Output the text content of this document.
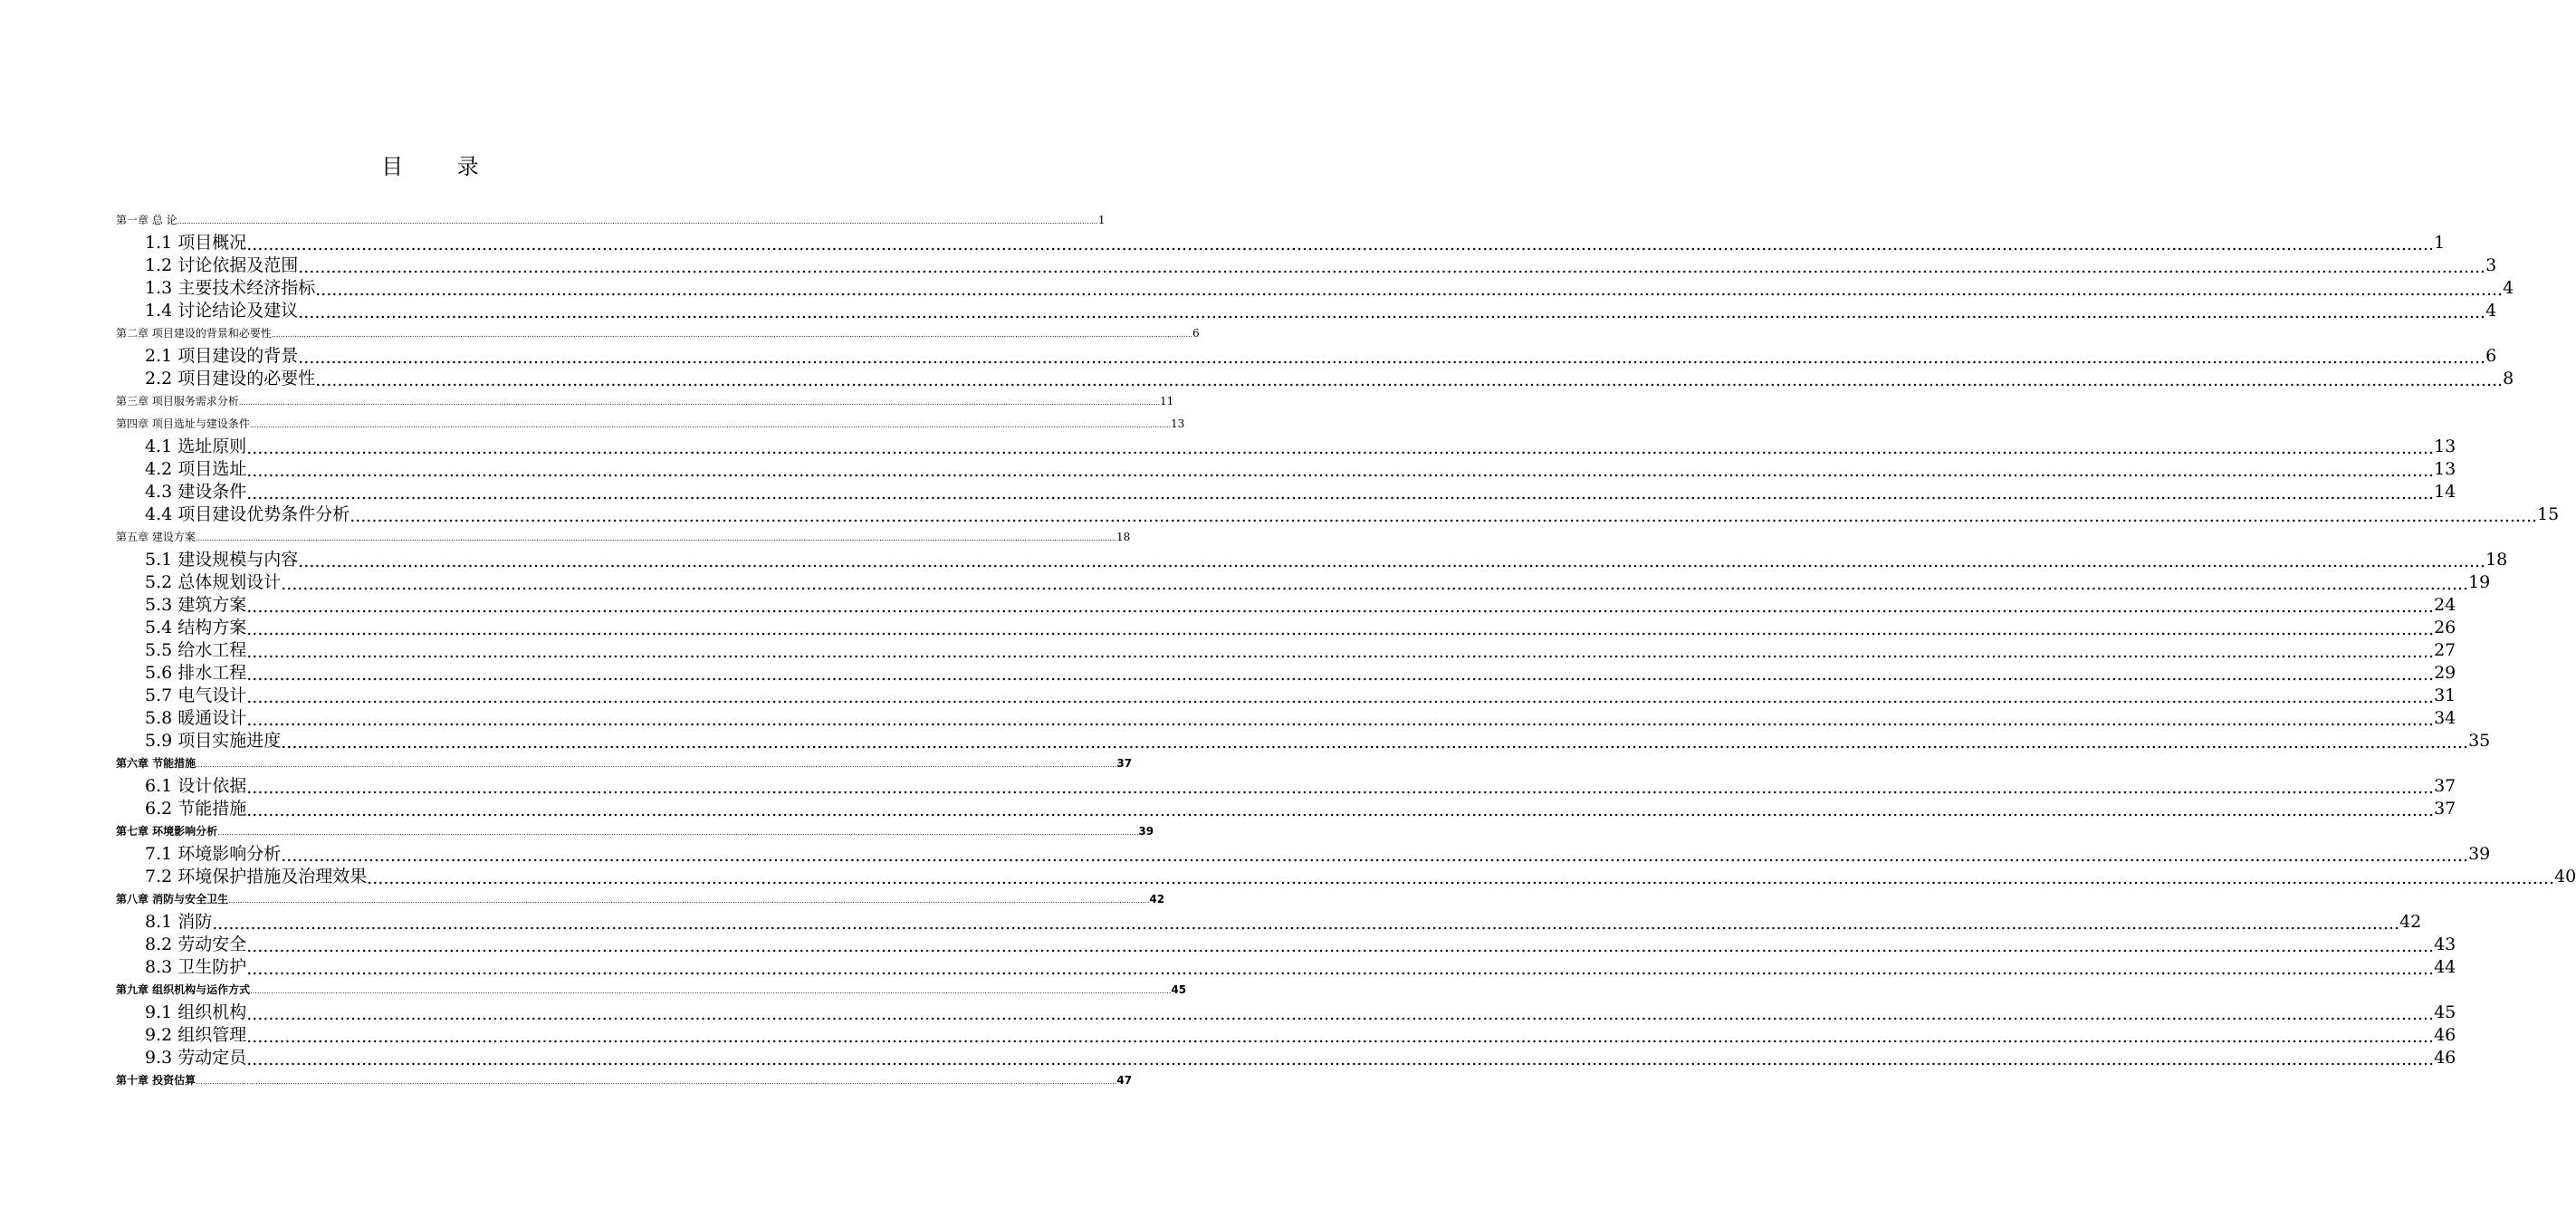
目 录
第一章 总 论 ................................................................................................................................................................................................................................................................................................................................................................................................................ 1
1.1 项目概况 ................................................................................................................................................................................................................................................................................................................................................................................................................ 1
1.2 讨论依据及范围 ................................................................................................................................................................................................................................................................................................................................................................................................................ 3
1.3 主要技术经济指标 ................................................................................................................................................................................................................................................................................................................................................................................................................ 4
1.4 讨论结论及建议 ................................................................................................................................................................................................................................................................................................................................................................................................................ 4
第二章 项目建设的背景和必要性 ................................................................................................................................................................................................................................................................................................................................................................................................................ 6
2.1 项目建设的背景 ................................................................................................................................................................................................................................................................................................................................................................................................................ 6
2.2 项目建设的必要性 ................................................................................................................................................................................................................................................................................................................................................................................................................ 8
第三章 项目服务需求分析 ................................................................................................................................................................................................................................................................................................................................................................................................................ 11
第四章 项目选址与建设条件 ................................................................................................................................................................................................................................................................................................................................................................................................................ 13
4.1 选址原则 ................................................................................................................................................................................................................................................................................................................................................................................................................ 13
4.2 项目选址 ................................................................................................................................................................................................................................................................................................................................................................................................................ 13
4.3 建设条件 ................................................................................................................................................................................................................................................................................................................................................................................................................ 14
4.4 项目建设优势条件分析 ................................................................................................................................................................................................................................................................................................................................................................................................................ 15
第五章 建设方案 ................................................................................................................................................................................................................................................................................................................................................................................................................ 18
5.1 建设规模与内容 ................................................................................................................................................................................................................................................................................................................................................................................................................ 18
5.2 总体规划设计 ................................................................................................................................................................................................................................................................................................................................................................................................................ 19
5.3 建筑方案 ................................................................................................................................................................................................................................................................................................................................................................................................................ 24
5.4 结构方案 ................................................................................................................................................................................................................................................................................................................................................................................................................ 26
5.5 给水工程 ................................................................................................................................................................................................................................................................................................................................................................................................................ 27
5.6 排水工程 ................................................................................................................................................................................................................................................................................................................................................................................................................ 29
5.7 电气设计 ................................................................................................................................................................................................................................................................................................................................................................................................................ 31
5.8 暖通设计 ................................................................................................................................................................................................................................................................................................................................................................................................................ 34
5.9 项目实施进度 ................................................................................................................................................................................................................................................................................................................................................................................................................ 35
第六章 节能措施 ................................................................................................................................................................................................................................................................................................................................................................................................................ 37
6.1 设计依据 ................................................................................................................................................................................................................................................................................................................................................................................................................ 37
6.2 节能措施 ................................................................................................................................................................................................................................................................................................................................................................................................................ 37
第七章 环境影响分析 ................................................................................................................................................................................................................................................................................................................................................................................................................ 39
7.1 环境影响分析 ................................................................................................................................................................................................................................................................................................................................................................................................................ 39
7.2 环境保护措施及治理效果 ................................................................................................................................................................................................................................................................................................................................................................................................................ 40
第八章 消防与安全卫生 ................................................................................................................................................................................................................................................................................................................................................................................................................ 42
8.1 消防 ................................................................................................................................................................................................................................................................................................................................................................................................................ 42
8.2 劳动安全 ................................................................................................................................................................................................................................................................................................................................................................................................................ 43
8.3 卫生防护 ................................................................................................................................................................................................................................................................................................................................................................................................................ 44
第九章 组织机构与运作方式 ................................................................................................................................................................................................................................................................................................................................................................................................................ 45
9.1 组织机构 ................................................................................................................................................................................................................................................................................................................................................................................................................ 45
9.2 组织管理 ................................................................................................................................................................................................................................................................................................................................................................................................................ 46
9.3 劳动定员 ................................................................................................................................................................................................................................................................................................................................................................................................................ 46
第十章 投资估算 ................................................................................................................................................................................................................................................................................................................................................................................................................ 47
